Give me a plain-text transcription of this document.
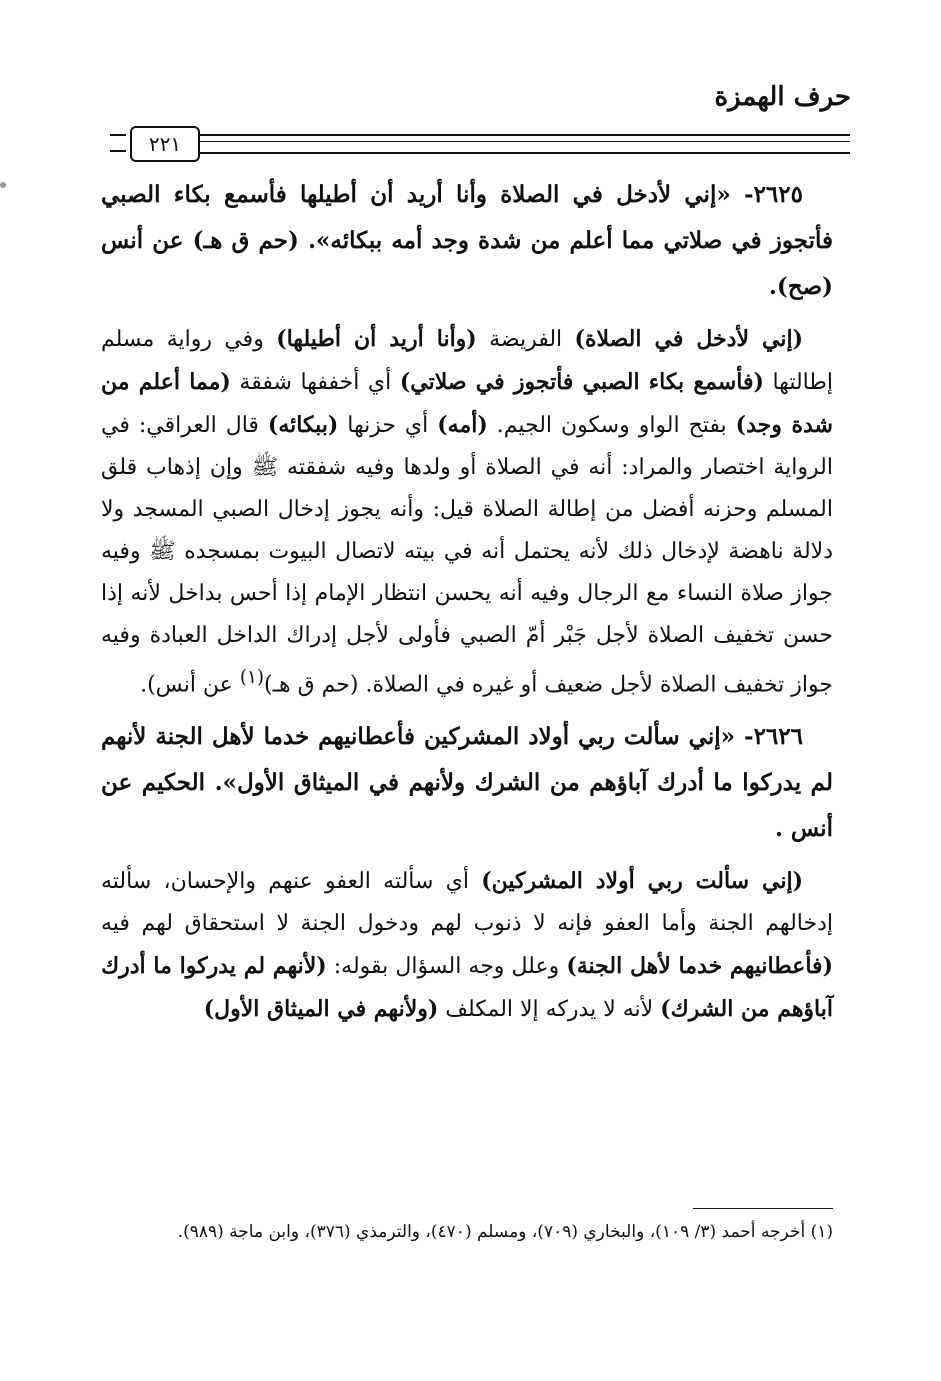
حرف الهمزة
٢٢١

٢٦٢٥- «إني لأدخل في الصلاة وأنا أريد أن أطيلها فأسمع بكاء الصبي فأتجوز في صلاتي مما أعلم من شدة وجد أمه ببكائه». (حم ق هـ) عن أنس (صح).

(إني لأدخل في الصلاة) الفريضة (وأنا أريد أن أطيلها) وفي رواية مسلم إطالتها (فأسمع بكاء الصبي فأتجوز في صلاتي) أي أخففها شفقة (مما أعلم من شدة وجد) بفتح الواو وسكون الجيم. (أمه) أي حزنها (ببكائه) قال العراقي: في الرواية اختصار والمراد: أنه في الصلاة أو ولدها وفيه شفقته ﷺ وإن إذهاب قلق المسلم وحزنه أفضل من إطالة الصلاة قيل: وأنه يجوز إدخال الصبي المسجد ولا دلالة ناهضة لإدخال ذلك لأنه يحتمل أنه في بيته لاتصال البيوت بمسجده ﷺ وفيه جواز صلاة النساء مع الرجال وفيه أنه يحسن انتظار الإمام إذا أحس بداخل لأنه إذا حسن تخفيف الصلاة لأجل جَبْر أمّ الصبي فأولى لأجل إدراك الداخل العبادة وفيه جواز تخفيف الصلاة لأجل ضعيف أو غيره في الصلاة. (حم ق هـ)$^{(١)}$ عن أنس).

٢٦٢٦- «إني سألت ربي أولاد المشركين فأعطانيهم خدما لأهل الجنة لأنهم لم يدركوا ما أدرك آباؤهم من الشرك ولأنهم في الميثاق الأول». الحكيم عن أنس .

(إني سألت ربي أولاد المشركين) أي سألته العفو عنهم والإحسان، سألته إدخالهم الجنة وأما العفو فإنه لا ذنوب لهم ودخول الجنة لا استحقاق لهم فيه (فأعطانيهم خدما لأهل الجنة) وعلل وجه السؤال بقوله: (لأنهم لم يدركوا ما أدرك آباؤهم من الشرك) لأنه لا يدركه إلا المكلف (ولأنهم في الميثاق الأول)

(١) أخرجه أحمد (٣/ ١٠٩)، والبخاري (٧٠٩)، ومسلم (٤٧٠)، والترمذي (٣٧٦)، وابن ماجة (٩٨٩).
